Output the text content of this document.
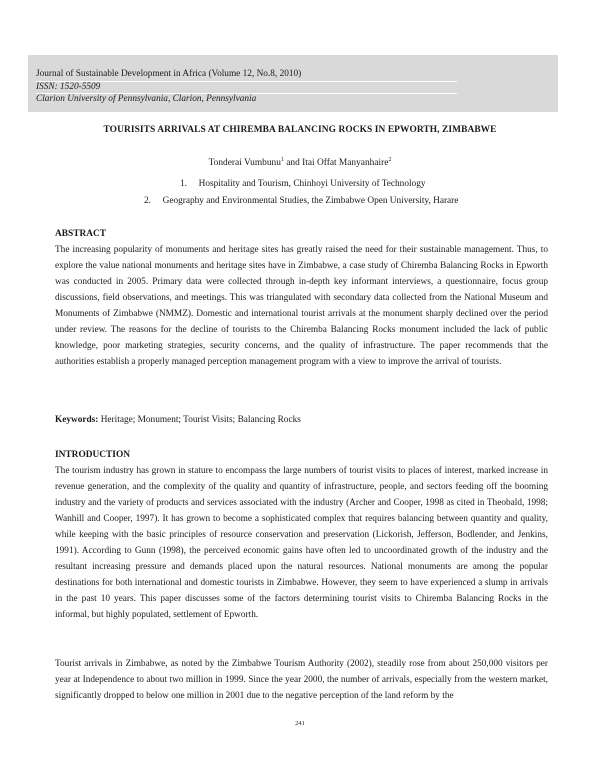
Journal of Sustainable Development in Africa (Volume 12, No.8, 2010)
ISSN: 1520-5509
Clarion University of Pennsylvania, Clarion, Pennsylvania
TOURISITS ARRIVALS AT CHIREMBA BALANCING ROCKS IN EPWORTH, ZIMBABWE
Tonderai Vumbunu$^1$ and Itai Offat Manyanhaire$^2$
1. Hospitality and Tourism, Chinhoyi University of Technology
2. Geography and Environmental Studies, the Zimbabwe Open University, Harare
ABSTRACT
The increasing popularity of monuments and heritage sites has greatly raised the need for their sustainable management. Thus, to explore the value national monuments and heritage sites have in Zimbabwe, a case study of Chiremba Balancing Rocks in Epworth was conducted in 2005. Primary data were collected through in-depth key informant interviews, a questionnaire, focus group discussions, field observations, and meetings. This was triangulated with secondary data collected from the National Museum and Monuments of Zimbabwe (NMMZ). Domestic and international tourist arrivals at the monument sharply declined over the period under review. The reasons for the decline of tourists to the Chiremba Balancing Rocks monument included the lack of public knowledge, poor marketing strategies, security concerns, and the quality of infrastructure. The paper recommends that the authorities establish a properly managed perception management program with a view to improve the arrival of tourists.
Keywords: Heritage; Monument; Tourist Visits; Balancing Rocks
INTRODUCTION
The tourism industry has grown in stature to encompass the large numbers of tourist visits to places of interest, marked increase in revenue generation, and the complexity of the quality and quantity of infrastructure, people, and sectors feeding off the booming industry and the variety of products and services associated with the industry (Archer and Cooper, 1998 as cited in Theobald, 1998; Wanhill and Cooper, 1997). It has grown to become a sophisticated complex that requires balancing between quantity and quality, while keeping with the basic principles of resource conservation and preservation (Lickorish, Jefferson, Bodlender, and Jenkins, 1991). According to Gunn (1998), the perceived economic gains have often led to uncoordinated growth of the industry and the resultant increasing pressure and demands placed upon the natural resources. National monuments are among the popular destinations for both international and domestic tourists in Zimbabwe. However, they seem to have experienced a slump in arrivals in the past 10 years. This paper discusses some of the factors determining tourist visits to Chiremba Balancing Rocks in the informal, but highly populated, settlement of Epworth.
Tourist arrivals in Zimbabwe, as noted by the Zimbabwe Tourism Authority (2002), steadily rose from about 250,000 visitors per year at Independence to about two million in 1999. Since the year 2000, the number of arrivals, especially from the western market, significantly dropped to below one million in 2001 due to the negative perception of the land reform by the
241
